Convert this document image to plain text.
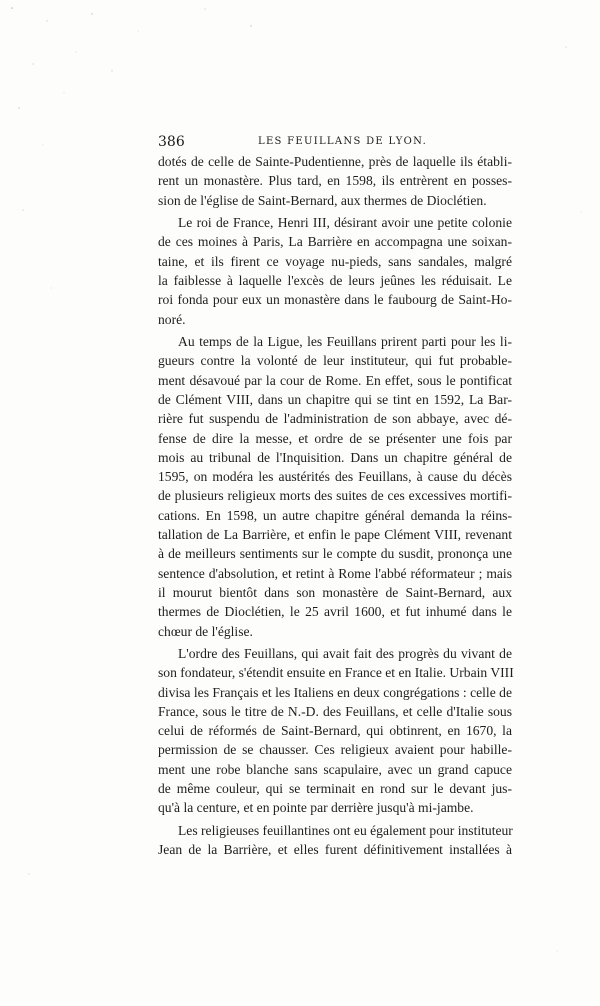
386	LES FEUILLANS DE LYON.

dotés de celle de Sainte-Pudentienne, près de laquelle ils établi-
rent un monastère. Plus tard, en 1598, ils entrèrent en posses-
sion de l'église de Saint-Bernard, aux thermes de Dioclétien.

Le roi de France, Henri III, désirant avoir une petite colonie
de ces moines à Paris, La Barrière en accompagna une soixan-
taine, et ils firent ce voyage nu-pieds, sans sandales, malgré
la faiblesse à laquelle l'excès de leurs jeûnes les réduisait. Le
roi fonda pour eux un monastère dans le faubourg de Saint-Ho-
noré.

Au temps de la Ligue, les Feuillans prirent parti pour les li-
gueurs contre la volonté de leur instituteur, qui fut probable-
ment désavoué par la cour de Rome. En effet, sous le pontificat
de Clément VIII, dans un chapitre qui se tint en 1592, La Bar-
rière fut suspendu de l'administration de son abbaye, avec dé-
fense de dire la messe, et ordre de se présenter une fois par
mois au tribunal de l'Inquisition. Dans un chapitre général de
1595, on modéra les austérités des Feuillans, à cause du décès
de plusieurs religieux morts des suites de ces excessives mortifi-
cations. En 1598, un autre chapitre général demanda la réins-
tallation de La Barrière, et enfin le pape Clément VIII, revenant
à de meilleurs sentiments sur le compte du susdit, prononça une
sentence d'absolution, et retint à Rome l'abbé réformateur ; mais
il mourut bientôt dans son monastère de Saint-Bernard, aux
thermes de Dioclétien, le 25 avril 1600, et fut inhumé dans le
chœur de l'église.

L'ordre des Feuillans, qui avait fait des progrès du vivant de
son fondateur, s'étendit ensuite en France et en Italie. Urbain VIII
divisa les Français et les Italiens en deux congrégations : celle de
France, sous le titre de N.-D. des Feuillans, et celle d'Italie sous
celui de réformés de Saint-Bernard, qui obtinrent, en 1670, la
permission de se chausser. Ces religieux avaient pour habille-
ment une robe blanche sans scapulaire, avec un grand capuce
de même couleur, qui se terminait en rond sur le devant jus-
qu'à la centure, et en pointe par derrière jusqu'à mi-jambe.

Les religieuses feuillantines ont eu également pour instituteur
Jean de la Barrière, et elles furent définitivement installées à
